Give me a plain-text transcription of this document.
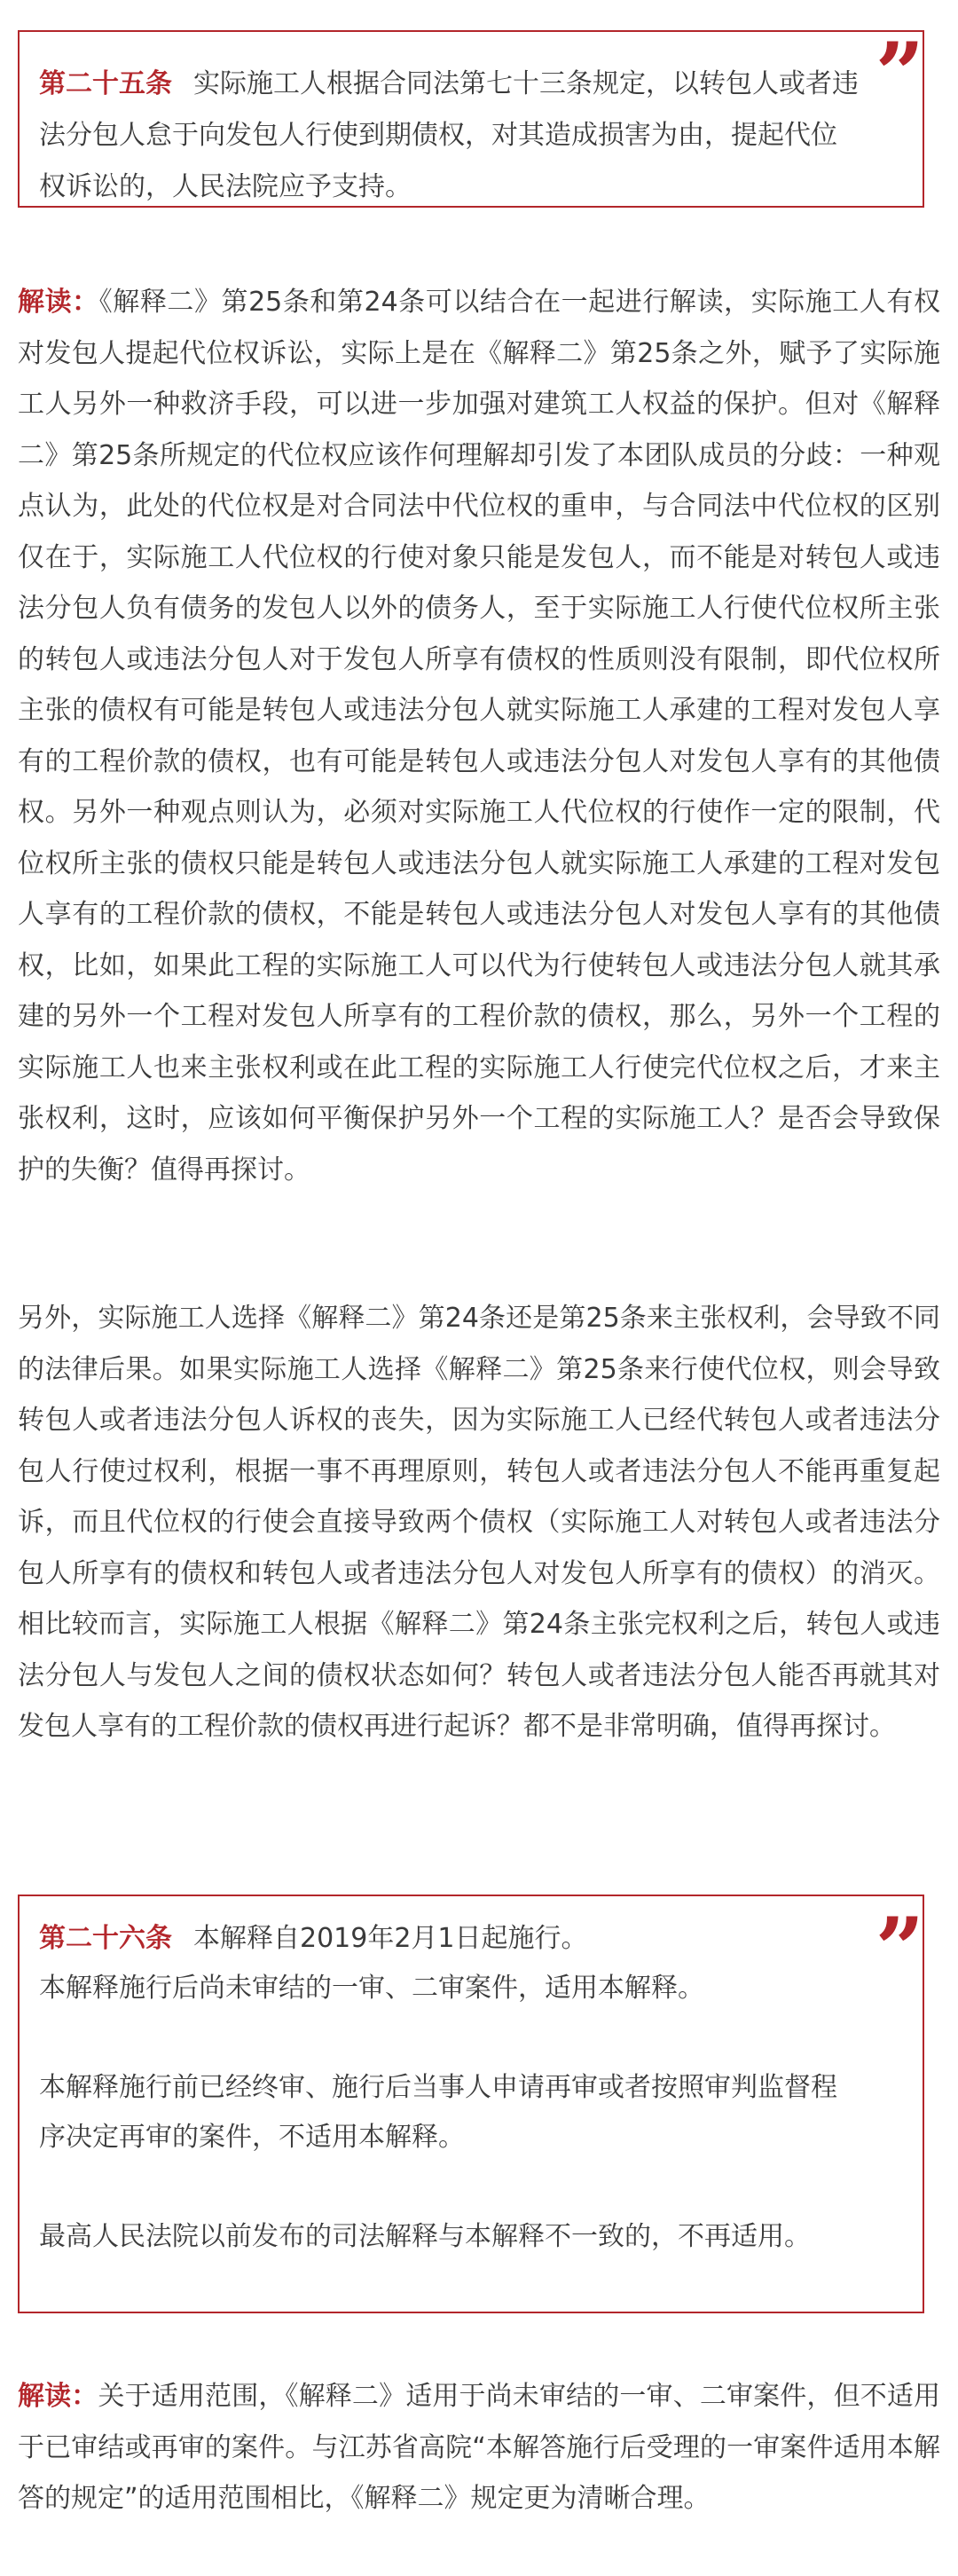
”

第二十五条 实际施工人根据合同法第七十三条规定，以转包人或者违法分包人怠于向发包人行使到期债权，对其造成损害为由，提起代位权诉讼的，人民法院应予支持。

解读：《解释二》第25条和第24条可以结合在一起进行解读，实际施工人有权对发包人提起代位权诉讼，实际上是在《解释二》第25条之外，赋予了实际施工人另外一种救济手段，可以进一步加强对建筑工人权益的保护。但对《解释二》第25条所规定的代位权应该作何理解却引发了本团队成员的分歧：一种观点认为，此处的代位权是对合同法中代位权的重申，与合同法中代位权的区别仅在于，实际施工人代位权的行使对象只能是发包人，而不能是对转包人或违法分包人负有债务的发包人以外的债务人，至于实际施工人行使代位权所主张的转包人或违法分包人对于发包人所享有债权的性质则没有限制，即代位权所主张的债权有可能是转包人或违法分包人就实际施工人承建的工程对发包人享有的工程价款的债权，也有可能是转包人或违法分包人对发包人享有的其他债权。另外一种观点则认为，必须对实际施工人代位权的行使作一定的限制，代位权所主张的债权只能是转包人或违法分包人就实际施工人承建的工程对发包人享有的工程价款的债权，不能是转包人或违法分包人对发包人享有的其他债权，比如，如果此工程的实际施工人可以代为行使转包人或违法分包人就其承建的另外一个工程对发包人所享有的工程价款的债权，那么，另外一个工程的实际施工人也来主张权利或在此工程的实际施工人行使完代位权之后，才来主张权利，这时，应该如何平衡保护另外一个工程的实际施工人？是否会导致保护的失衡？值得再探讨。

另外，实际施工人选择《解释二》第24条还是第25条来主张权利，会导致不同的法律后果。如果实际施工人选择《解释二》第25条来行使代位权，则会导致转包人或者违法分包人诉权的丧失，因为实际施工人已经代转包人或者违法分包人行使过权利，根据一事不再理原则，转包人或者违法分包人不能再重复起诉，而且代位权的行使会直接导致两个债权（实际施工人对转包人或者违法分包人所享有的债权和转包人或者违法分包人对发包人所享有的债权）的消灭。相比较而言，实际施工人根据《解释二》第24条主张完权利之后，转包人或违法分包人与发包人之间的债权状态如何？转包人或者违法分包人能否再就其对发包人享有的工程价款的债权再进行起诉？都不是非常明确，值得再探讨。

”

第二十六条 本解释自2019年2月1日起施行。

本解释施行后尚未审结的一审、二审案件，适用本解释。

本解释施行前已经终审、施行后当事人申请再审或者按照审判监督程序决定再审的案件，不适用本解释。

最高人民法院以前发布的司法解释与本解释不一致的，不再适用。

解读：关于适用范围，《解释二》适用于尚未审结的一审、二审案件，但不适用于已审结或再审的案件。与江苏省高院“本解答施行后受理的一审案件适用本解答的规定”的适用范围相比，《解释二》规定更为清晰合理。
